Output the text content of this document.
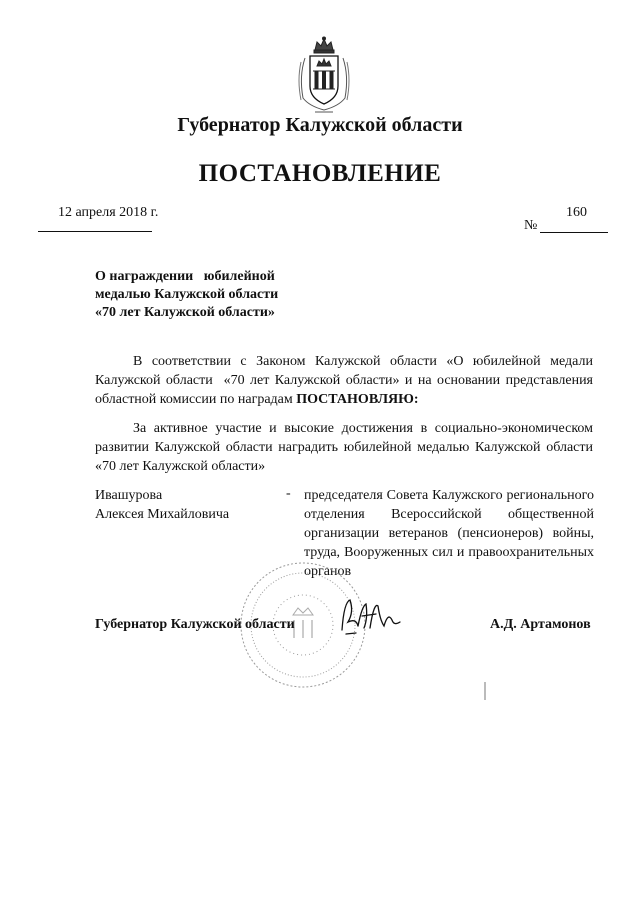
Губернатор Калужской области
ПОСТАНОВЛЕНИЕ
12 апреля 2018 г.	160
№
О награждении   юбилейной
медалью Калужской области
«70 лет Калужской области»
В соответствии с Законом Калужской области «О юбилейной медали Калужской области  «70 лет Калужской области» и на основании представления областной комиссии по наградам ПОСТАНОВЛЯЮ:
За активное участие и высокие достижения в социально-экономическом развитии Калужской области наградить юбилейной медалью Калужской области «70 лет Калужской области»
Ивашурова
Алексея Михайловича
- председателя Совета Калужского регионального отделения Всероссийской общественной организации ветеранов (пенсионеров) войны, труда, Вооруженных сил и правоохранительных органов
Губернатор Калужской области	А.Д. Артамонов
